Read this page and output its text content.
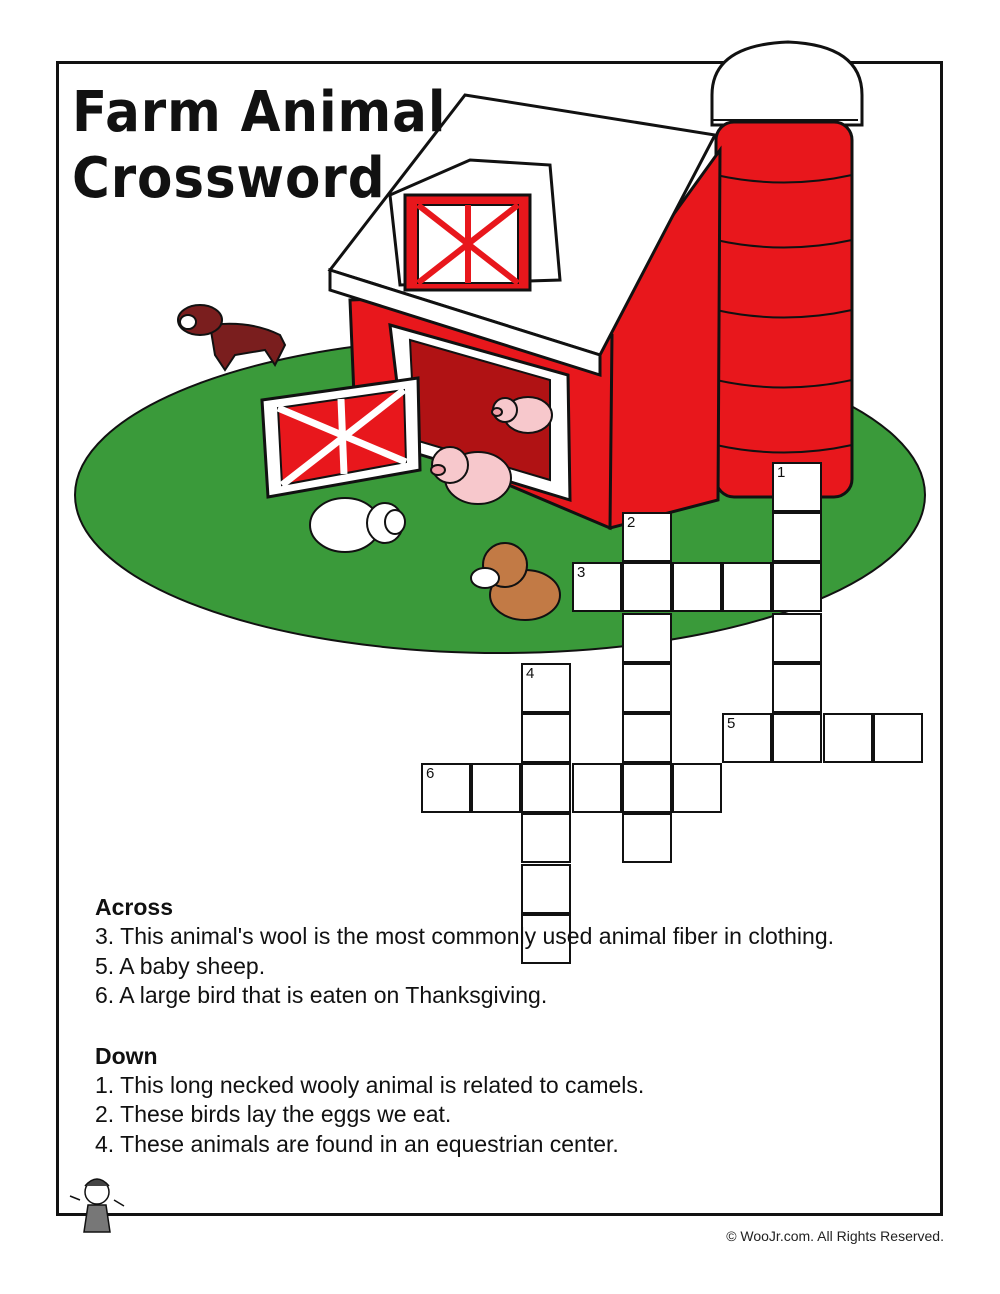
Farm Animal
Crossword
1
2
3
4
5
6
Across
3. This animal's wool is the most commonly used animal fiber in clothing.
5. A baby sheep.
6. A large bird that is eaten on Thanksgiving.
Down
1. This long necked wooly animal is related to camels.
2. These birds lay the eggs we eat.
4. These animals are found in an equestrian center.
© WooJr.com. All Rights Reserved.
